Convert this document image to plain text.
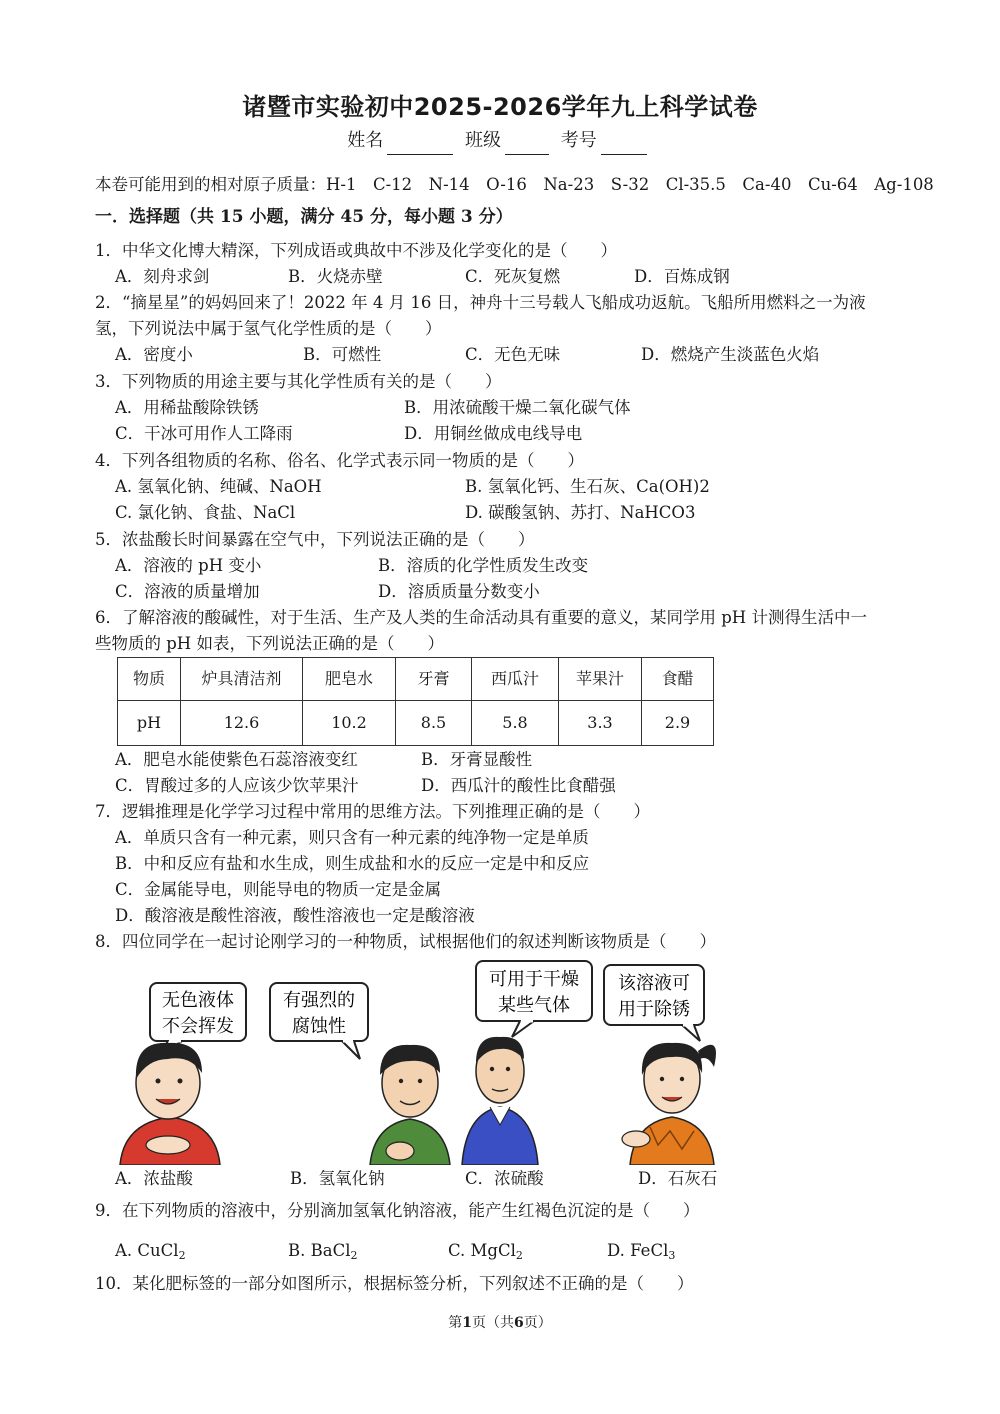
诸暨市实验初中2025-2026学年九上科学试卷
姓名	班级	考号
本卷可能用到的相对原子质量：H-1　C-12　N-14　O-16　Na-23　S-32　Cl-35.5　Ca-40　Cu-64　Ag-108
一．选择题（共 15 小题，满分 45 分，每小题 3 分）
1．中华文化博大精深，下列成语或典故中不涉及化学变化的是（　　）
A．刻舟求剑	B．火烧赤壁	C．死灰复燃	D．百炼成钢
2．“摘星星”的妈妈回来了！2022 年 4 月 16 日，神舟十三号载人飞船成功返航。飞船所用燃料之一为液
氢，下列说法中属于氢气化学性质的是（　　）
A．密度小	B．可燃性	C．无色无味	D．燃烧产生淡蓝色火焰
3．下列物质的用途主要与其化学性质有关的是（　　）
A．用稀盐酸除铁锈	B．用浓硫酸干燥二氧化碳气体
C．干冰可用作人工降雨	D．用铜丝做成电线导电
4．下列各组物质的名称、俗名、化学式表示同一物质的是（　　）
A. 氢氧化钠、纯碱、NaOH	B. 氢氧化钙、生石灰、Ca(OH)2
C. 氯化钠、食盐、NaCl	D. 碳酸氢钠、苏打、NaHCO3
5．浓盐酸长时间暴露在空气中，下列说法正确的是（　　）
A．溶液的 pH 变小	B．溶质的化学性质发生改变
C．溶液的质量增加	D．溶质质量分数变小
6．了解溶液的酸碱性，对于生活、生产及人类的生命活动具有重要的意义，某同学用 pH 计测得生活中一
些物质的 pH 如表，下列说法正确的是（　　）
物质	炉具清洁剂	肥皂水	牙膏	西瓜汁	苹果汁	食醋
pH	12.6	10.2	8.5	5.8	3.3	2.9
A．肥皂水能使紫色石蕊溶液变红	B．牙膏显酸性
C．胃酸过多的人应该少饮苹果汁	D．西瓜汁的酸性比食醋强
7．逻辑推理是化学学习过程中常用的思维方法。下列推理正确的是（　　）
A．单质只含有一种元素，则只含有一种元素的纯净物一定是单质
B．中和反应有盐和水生成，则生成盐和水的反应一定是中和反应
C．金属能导电，则能导电的物质一定是金属
D．酸溶液是酸性溶液，酸性溶液也一定是酸溶液
8．四位同学在一起讨论刚学习的一种物质，试根据他们的叙述判断该物质是（　　）
无色液体
不会挥发
有强烈的
腐蚀性
可用于干燥
某些气体
该溶液可
用于除锈
A．浓盐酸	B．氢氧化钠	C．浓硫酸	D．石灰石
9．在下列物质的溶液中，分别滴加氢氧化钠溶液，能产生红褐色沉淀的是（　　）
A. CuCl$_2$	B. BaCl$_2$	C. MgCl$_2$	D. FeCl$_3$
10．某化肥标签的一部分如图所示，根据标签分析，下列叙述不正确的是（　　）
第1页（共6页）
